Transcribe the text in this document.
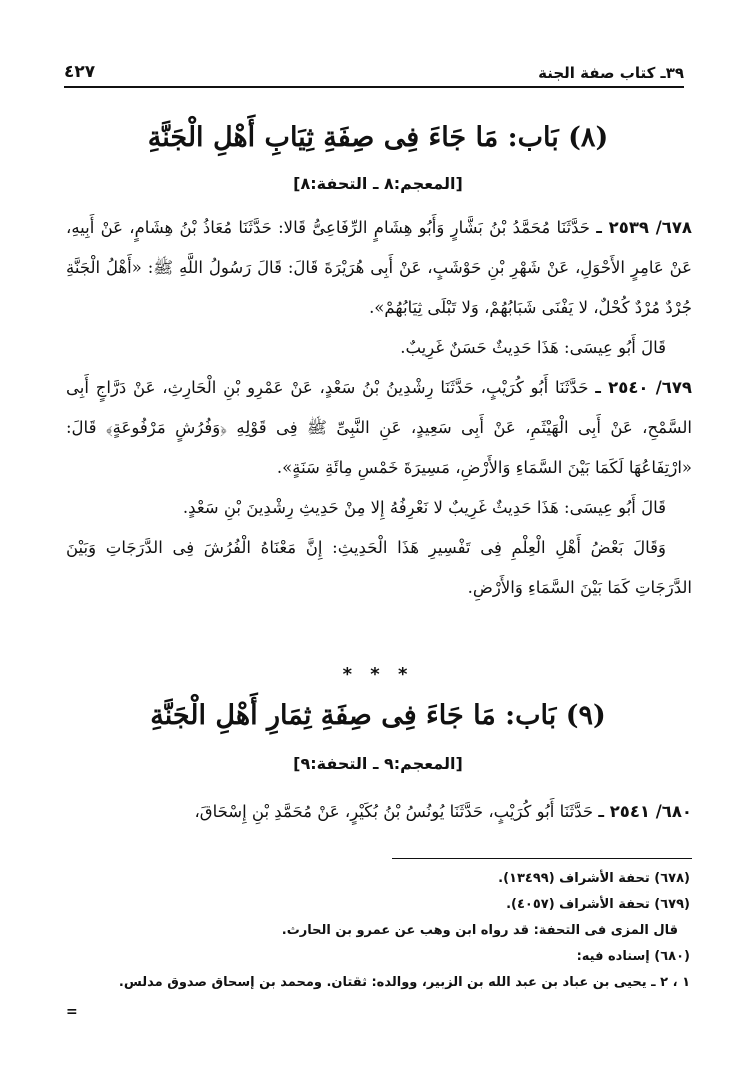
٣٩ـ كتاب صفة الجنة
٤٢٧
(٨) بَاب: مَا جَاءَ فِى صِفَةِ ثِيَابِ أَهْلِ الْجَنَّةِ
[المعجم:٨ ـ التحفة:٨]
٦٧٨/ ٢٥٣٩ ـ حَدَّثَنَا مُحَمَّدُ بْنُ بَشَّارٍ وَأَبُو هِشَامٍ الرِّفَاعِىُّ قَالا: حَدَّثَنَا مُعَاذُ بْنُ هِشَامٍ، عَنْ أَبِيهِ، عَنْ عَامِرٍ الأَحْوَلِ، عَنْ شَهْرِ بْنِ حَوْشَبٍ، عَنْ أَبِى هُرَيْرَةَ قَالَ: قَالَ رَسُولُ اللَّهِ ﷺ: «أَهْلُ الْجَنَّةِ جُرْدٌ مُرْدٌ كُحْلٌ، لا يَفْنَى شَبَابُهُمْ، وَلا تَبْلَى ثِيَابُهُمْ».
قَالَ أَبُو عِيسَى: هَذَا حَدِيثٌ حَسَنٌ غَرِيبٌ.
٦٧٩/ ٢٥٤٠ ـ حَدَّثَنَا أَبُو كُرَيْبٍ، حَدَّثَنَا رِشْدِينُ بْنُ سَعْدٍ، عَنْ عَمْرِو بْنِ الْحَارِثِ، عَنْ دَرَّاجٍ أَبِى السَّمْحِ، عَنْ أَبِى الْهَيْثَمِ، عَنْ أَبِى سَعِيدٍ، عَنِ النَّبِىِّ ﷺ فِى قَوْلِهِ ﴿وَفُرُشٍ مَرْفُوعَةٍ﴾ قَالَ: «ارْتِفَاعُهَا لَكَمَا بَيْنَ السَّمَاءِ وَالأَرْضِ، مَسِيرَةَ خَمْسِ مِائَةِ سَنَةٍ».
قَالَ أَبُو عِيسَى: هَذَا حَدِيثٌ غَرِيبٌ لا نَعْرِفُهُ إِلا مِنْ حَدِيثِ رِشْدِينَ بْنِ سَعْدٍ.
وَقَالَ بَعْضُ أَهْلِ الْعِلْمِ فِى تَفْسِيرِ هَذَا الْحَدِيثِ: إِنَّ مَعْنَاهُ الْفُرُشَ فِى الدَّرَجَاتِ وَبَيْنَ الدَّرَجَاتِ كَمَا بَيْنَ السَّمَاءِ وَالأَرْضِ.
* * *
(٩) بَاب: مَا جَاءَ فِى صِفَةِ ثِمَارِ أَهْلِ الْجَنَّةِ
[المعجم:٩ ـ التحفة:٩]
٦٨٠/ ٢٥٤١ ـ حَدَّثَنَا أَبُو كُرَيْبٍ، حَدَّثَنَا يُونُسُ بْنُ بُكَيْرٍ، عَنْ مُحَمَّدِ بْنِ إِسْحَاقَ،
(٦٧٨) تحفة الأشراف (١٣٤٩٩).
(٦٧٩) تحفة الأشراف (٤٠٥٧).
قال المزى فى التحفة: قد رواه ابن وهب عن عمرو بن الحارث.
(٦٨٠) إسناده فيه:
١ ، ٢ ـ يحيى بن عباد بن عبد الله بن الزبير، ووالده: ثقتان. ومحمد بن إسحاق صدوق مدلس.
=
